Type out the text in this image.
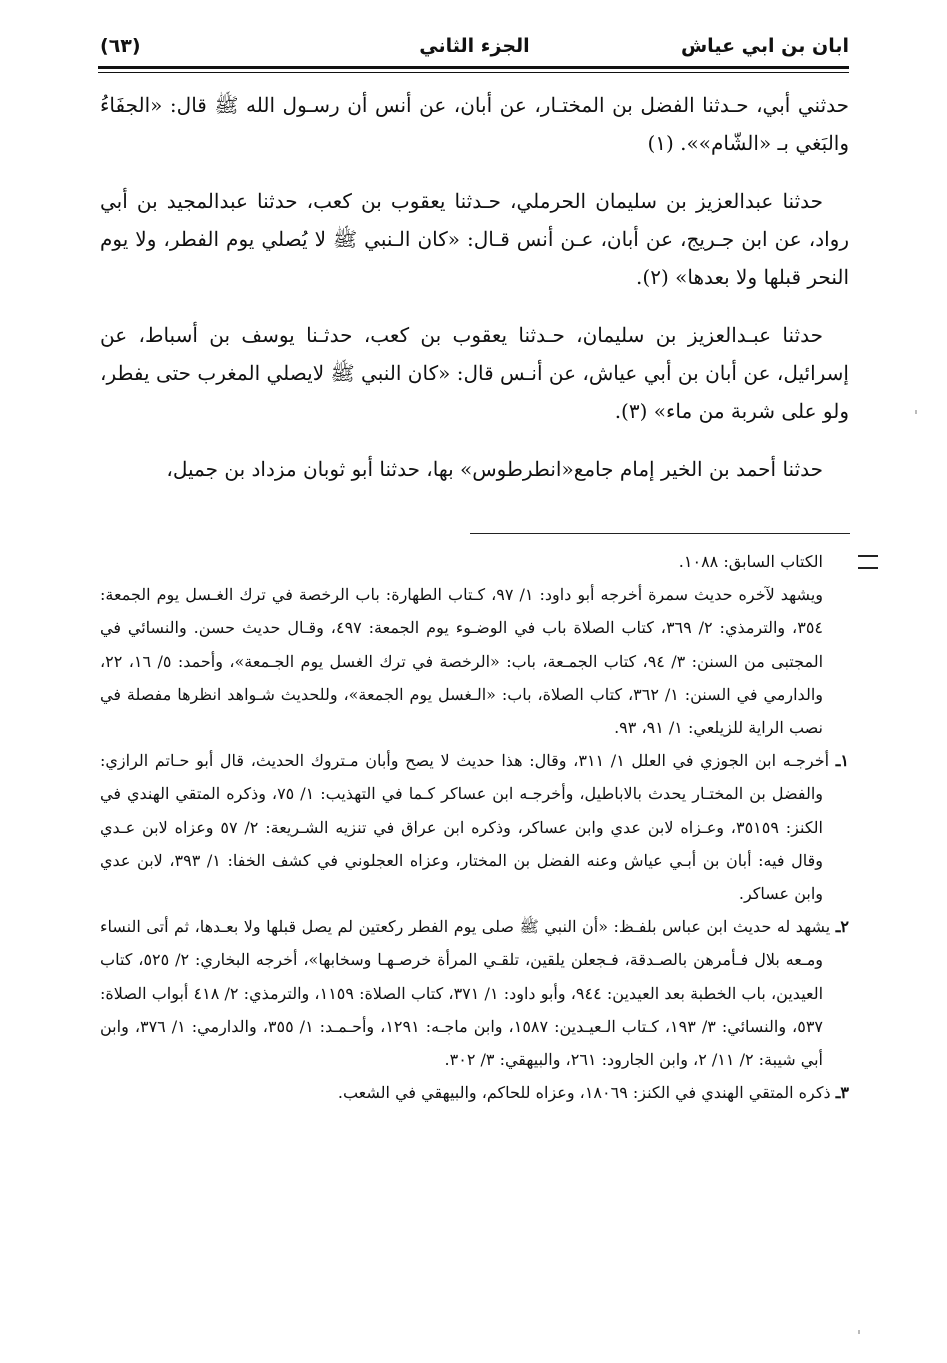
ابان بن ابي عياش
الجزء الثاني
(٦٣)

حدثني أبي، حـدثنا الفضل بن المختـار، عن أبان، عن أنس أن رسـول الله ﷺ قال: «الجفَاءُ والبَغي بـ «الشّام»». (١)

حدثنا عبدالعزيز بن سليمان الحرملي، حـدثنا يعقوب بن كعب، حدثنا عبدالمجيد بن أبي رواد، عن ابن جـريج، عن أبان، عـن أنس قـال: «كان الـنبي ﷺ لا يُصلي يوم الفطر، ولا يوم النحر قبلها ولا بعدها» (٢).

حدثنا عبـدالعزيز بن سليمان، حـدثنا يعقوب بن كعب، حدثـنا يوسف بن أسباط، عن إسرائيل، عن أبان بن أبي عياش، عن أنـس قال: «كان النبي ﷺ لايصلي المغرب حتى يفطر، ولو على شربة من ماء» (٣).

حدثنا أحمد بن الخير إمام جامع«انطرطوس» بها، حدثنا أبو ثوبان مزداد بن جميل،

الكتاب السابق: ١٠٨٨.

ويشهد لآخره حديث سمرة أخرجه أبو داود: ١/ ٩٧، كـتاب الطهارة: باب الرخصة في ترك الغـسل يوم الجمعة: ٣٥٤، والترمذي: ٢/ ٣٦٩، كتاب الصلاة باب في الوضـوء يوم الجمعة: ٤٩٧، وقـال حديث حسن. والنسائي في المجتبى من السنن: ٣/ ٩٤، كتاب الجمـعة، باب: «الرخصة في ترك الغسل يوم الجـمعة»، وأحمد: ٥/ ١٦، ٢٢، والدارمي في السنن: ١/ ٣٦٢، كتاب الصلاة، باب: «الـغسل يوم الجمعة»، وللحديث شـواهد انظرها مفصلة في نصب الراية للزيلعي: ١/ ٩١، ٩٣.

١ـ أخرجـه ابن الجوزي في العلل ١/ ٣١١، وقال: هذا حديث لا يصح وأبان مـتروك الحديث، قال أبو حـاتم الرازي: والفضل بن المختـار يحدث بالاباطيل، وأخرجـه ابن عساكر كـما في التهذيب: ١/ ٧٥، وذكره المتقي الهندي في الكنز: ٣٥١٥٩، وعـزاه لابن عدي وابن عساكر، وذكره ابن عراق في تنزيه الشـريعة: ٢/ ٥٧ وعزاه لابن عـدي وقال فيه: أبان بن أبـي عياش وعنه الفضل بن المختار، وعزاه العجلوني في كشف الخفا: ١/ ٣٩٣، لابن عدي وابن عساكر.

٢ـ يشهد له حديث ابن عباس بلفـظ: «أن النبي ﷺ صلى يوم الفطر ركعتين لم يصل قبلها ولا بعـدها، ثم أتى النساء ومـعه بلال فـأمرهن بالصـدقة، فـجعلن يلقين، تلقـي المرأة خرصـهـا وسخابها»، أخرجه البخاري: ٢/ ٥٢٥، كتاب العيدين، باب الخطبة بعد العيدين: ٩٤٤، وأبو داود: ١/ ٣٧١، كتاب الصلاة: ١١٥٩، والترمذي: ٢/ ٤١٨ أبواب الصلاة: ٥٣٧، والنسائي: ٣/ ١٩٣، كـتاب الـعيـدين: ١٥٨٧، وابن ماجـه: ١٢٩١، وأحـمـد: ١/ ٣٥٥، والدارمي: ١/ ٣٧٦، وابن أبي شيبة: ٢/ ١١/ ٢، وابن الجارود: ٢٦١، والبيهقي: ٣/ ٣٠٢.

٣ـ ذكره المتقي الهندي في الكنز: ١٨٠٦٩، وعزاه للحاكم، والبيهقي في الشعب.
